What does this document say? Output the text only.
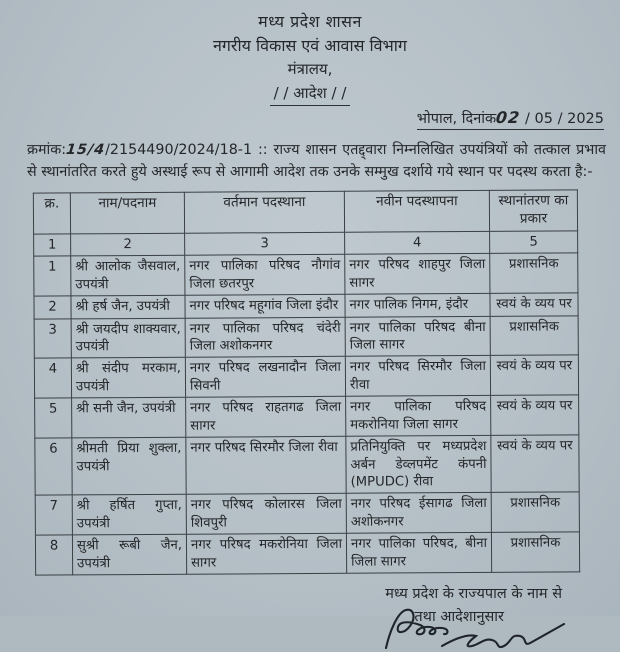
मध्य प्रदेश शासन
नगरीय विकास एवं आवास विभाग
मंत्रालय,
/ / आदेश / /
भोपाल, दिनांक02 / 05 / 2025

क्रमांक:15/4/2154490/2024/18-1 :: राज्य शासन एतद्द्वारा निम्नलिखित उपयंत्रियों को तत्काल प्रभाव से स्थानांतरित करते हुये अस्थाई रूप से आगामी आदेश तक उनके सम्मुख दर्शाये गये स्थान पर पदस्थ करता है:-

क्र.	नाम/पदनाम	वर्तमान पदस्थाना	नवीन पदस्थापना	स्थानांतरण का प्रकार
1	2	3	4	5
1	श्री आलोक जैसवाल, उपयंत्री	नगर पालिका परिषद नौगांव जिला छतरपुर	नगर परिषद शाहपुर जिला सागर	प्रशासनिक
2	श्री हर्ष जैन, उपयंत्री	नगर परिषद महूगांव जिला इंदौर	नगर पालिक निगम, इंदौर	स्वयं के व्यय पर
3	श्री जयदीप शाक्यवार, उपयंत्री	नगर पालिका परिषद चंदेरी जिला अशोकनगर	नगर पालिका परिषद बीना जिला सागर	प्रशासनिक
4	श्री संदीप मरकाम, उपयंत्री	नगर परिषद लखनादौन जिला सिवनी	नगर परिषद सिरमौर जिला रीवा	स्वयं के व्यय पर
5	श्री सनी जैन, उपयंत्री	नगर परिषद राहतगढ जिला सागर	नगर पालिका परिषद मकरोनिया जिला सागर	स्वयं के व्यय पर
6	श्रीमती प्रिया शुक्ला, उपयंत्री	नगर परिषद सिरमौर जिला रीवा	प्रतिनियुक्ति पर मध्यप्रदेश अर्बन डेव्लपमेंट कंपनी (MPUDC) रीवा	स्वयं के व्यय पर
7	श्री हर्षित गुप्ता, उपयंत्री	नगर परिषद कोलारस जिला शिवपुरी	नगर परिषद ईसागढ जिला अशोकनगर	प्रशासनिक
8	सुश्री रूबी जैन, उपयंत्री	नगर परिषद मकरोनिया जिला सागर	नगर पालिका परिषद, बीना जिला सागर	प्रशासनिक
मध्य प्रदेश के राज्यपाल के नाम से
तथा आदेशानुसार
